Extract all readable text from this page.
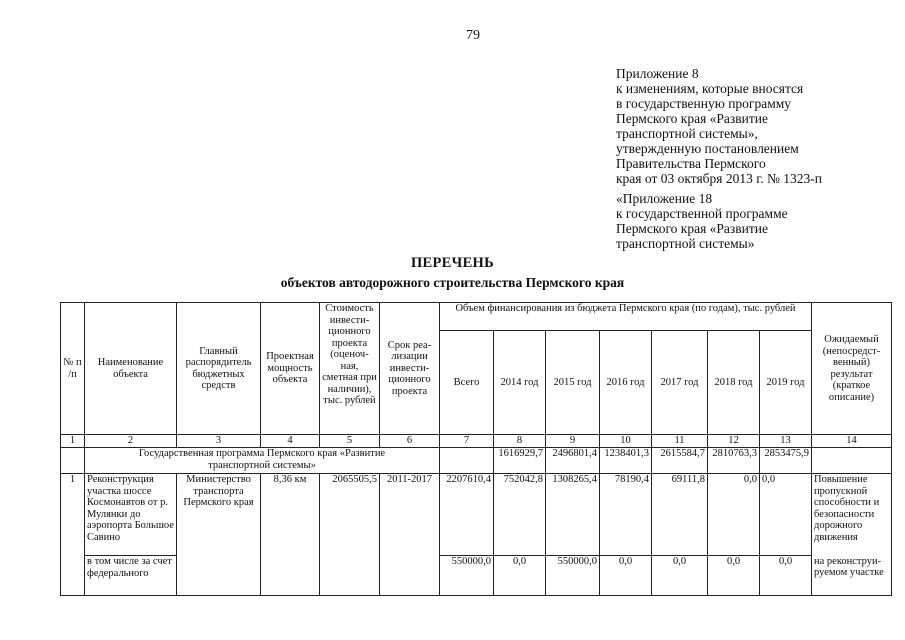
79
Приложение 8
к изменениям, которые вносятся
в государственную программу
Пермского края «Развитие
транспортной системы»,
утвержденную постановлением
Правительства Пермского
края от 03 октября 2013 г. № 1323-п
«Приложение 18
к государственной программе
Пермского края «Развитие
транспортной системы»
ПЕРЕЧЕНЬ
объектов автодорожного строительства Пермского края
№ п /п	Наименование объекта	Главный распорядитель бюджетных средств	Проектная мощность объекта	Стоимость инвести-ционного проекта (оценоч-ная, сметная при наличии), тыс. рублей	Срок реа-лизации инвести-ционного проекта	Объем финансирования из бюджета Пермского края (по годам), тыс. рублей							Ожидаемый (непосредст-венный) результат (краткое описание)
						Всего	2014 год	2015 год	2016 год	2017 год	2018 год	2019 год	
1	2	3	4	5	6	7	8	9	10	11	12	13	14
	Государственная программа Пермского края «Развитие транспортной системы»						1616929,7	2496801,4	1238401,3	2615584,7	2810763,3	2853475,9	
1	Реконструкция участка шоссе Космонавтов от р. Мулянки до аэропорта Большое Савино	Министерство транспорта Пермского края	8,36 км	2065505,5	2011-2017	2207610,4	752042,8	1308265,4	78190,4	69111,8	0,0	0,0	Повышение пропускной способности и безопасности дорожного движения
	в том числе за счет федерального					550000,0	0,0	550000,0	0,0	0,0	0,0	0,0	на реконструи-руемом участке
